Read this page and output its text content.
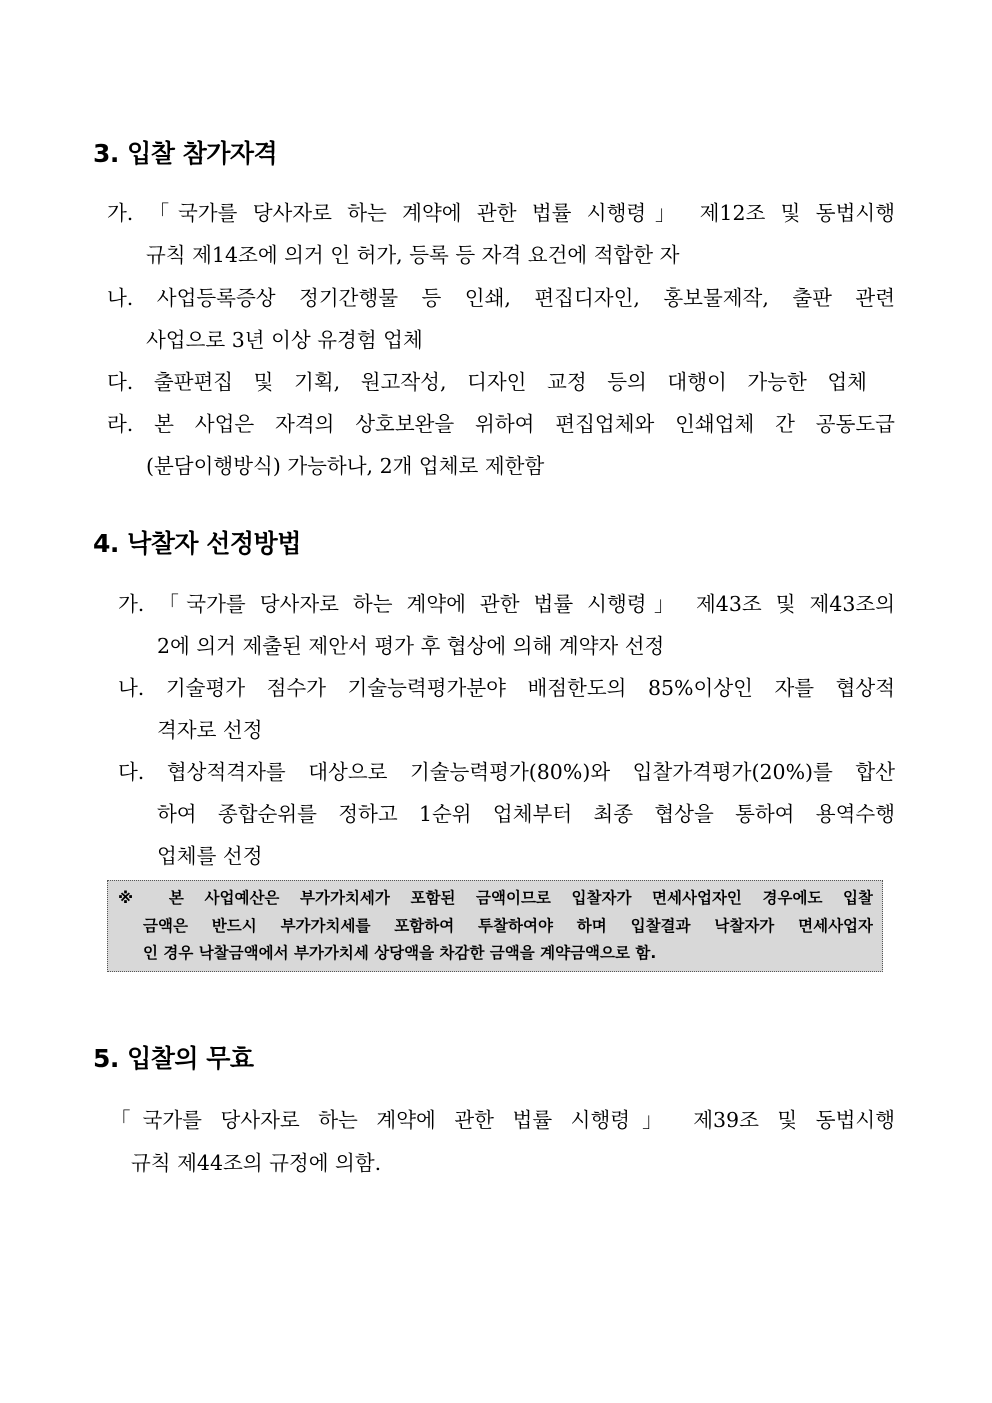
3. 입찰 참가자격
가. 「국가를 당사자로 하는 계약에 관한 법률 시행령」 제12조 및 동법시행
규칙 제14조에 의거 인 허가, 등록 등 자격 요건에 적합한 자
나. 사업등록증상 정기간행물 등 인쇄, 편집디자인, 홍보물제작, 출판 관련
사업으로 3년 이상 유경험 업체
다. 출판편집 및 기획, 원고작성, 디자인 교정 등의 대행이 가능한 업체
라. 본 사업은 자격의 상호보완을 위하여 편집업체와 인쇄업체 간 공동도급
(분담이행방식) 가능하나, 2개 업체로 제한함
4. 낙찰자 선정방법
가. 「국가를 당사자로 하는 계약에 관한 법률 시행령」 제43조 및 제43조의
2에 의거 제출된 제안서 평가 후 협상에 의해 계약자 선정
나. 기술평가 점수가 기술능력평가분야 배점한도의 85%이상인 자를 협상적
격자로 선정
다. 협상적격자를 대상으로 기술능력평가(80%)와 입찰가격평가(20%)를 합산
하여 종합순위를 정하고 1순위 업체부터 최종 협상을 통하여 용역수행
업체를 선정
※ 본 사업예산은 부가가치세가 포함된 금액이므로 입찰자가 면세사업자인 경우에도 입찰
금액은 반드시 부가가치세를 포함하여 투찰하여야 하며 입찰결과 낙찰자가 면세사업자
인 경우 낙찰금액에서 부가가치세 상당액을 차감한 금액을 계약금액으로 함.
5. 입찰의 무효
「국가를 당사자로 하는 계약에 관한 법률 시행령」 제39조 및 동법시행
규칙 제44조의 규정에 의함.
